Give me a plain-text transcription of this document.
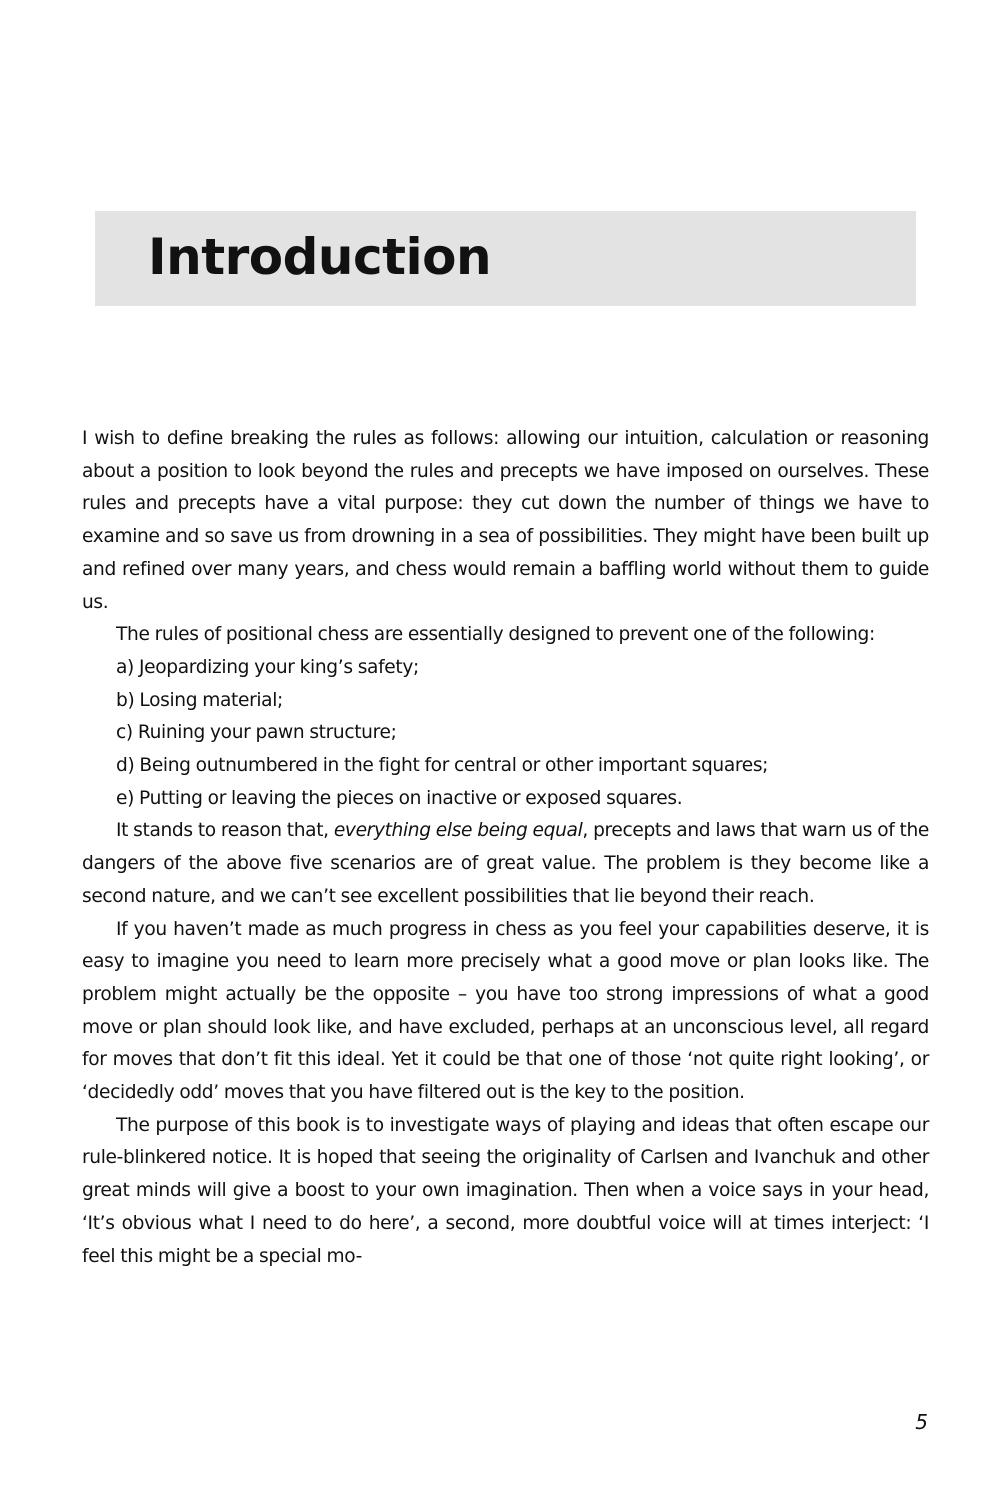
Introduction

I wish to define breaking the rules as follows: allowing our intuition, calculation or reasoning about a position to look beyond the rules and precepts we have imposed on ourselves. These rules and precepts have a vital purpose: they cut down the number of things we have to examine and so save us from drowning in a sea of possibilities. They might have been built up and refined over many years, and chess would remain a baffling world without them to guide us.

The rules of positional chess are essentially designed to prevent one of the following:

a) Jeopardizing your king’s safety;

b) Losing material;

c) Ruining your pawn structure;

d) Being outnumbered in the fight for central or other important squares;

e) Putting or leaving the pieces on inactive or exposed squares.

It stands to reason that, everything else being equal, precepts and laws that warn us of the dangers of the above five scenarios are of great value. The problem is they become like a second nature, and we can’t see excellent possibilities that lie beyond their reach.

If you haven’t made as much progress in chess as you feel your capabilities deserve, it is easy to imagine you need to learn more precisely what a good move or plan looks like. The problem might actually be the opposite – you have too strong impressions of what a good move or plan should look like, and have excluded, perhaps at an unconscious level, all regard for moves that don’t fit this ideal. Yet it could be that one of those ‘not quite right looking’, or ‘decidedly odd’ moves that you have filtered out is the key to the position.

The purpose of this book is to investigate ways of playing and ideas that often escape our rule-blinkered notice. It is hoped that seeing the originality of Carlsen and Ivanchuk and other great minds will give a boost to your own imagination. Then when a voice says in your head, ‘It’s obvious what I need to do here’, a second, more doubtful voice will at times interject: ‘I feel this might be a special mo-

5
